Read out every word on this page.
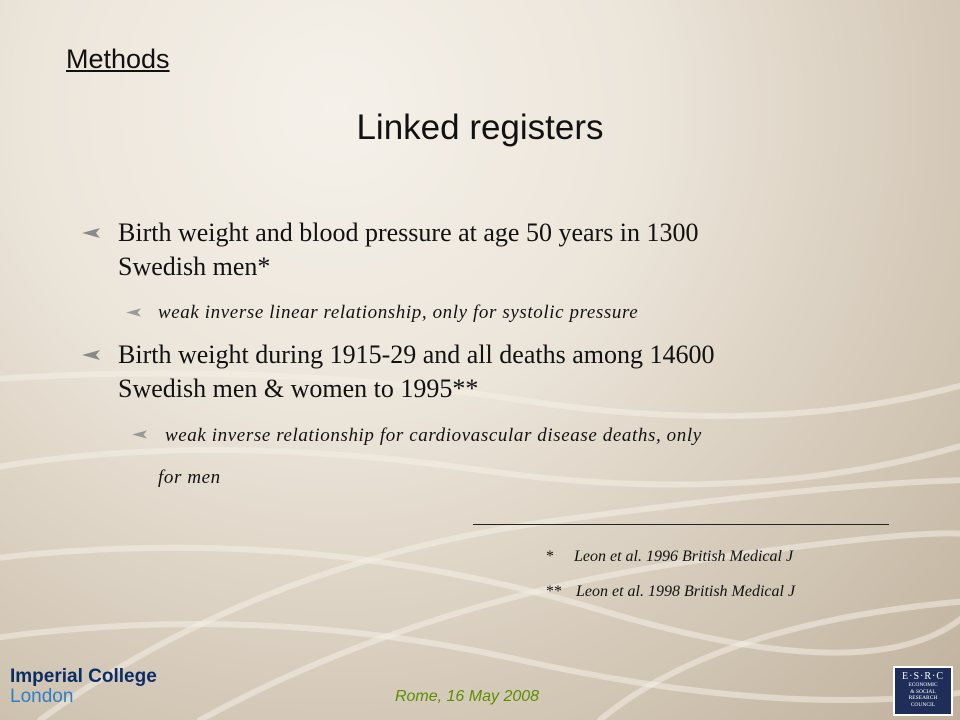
Methods
Linked registers
Birth weight and blood pressure at age 50 years in 1300
Swedish men*
weak inverse linear relationship, only for systolic pressure
Birth weight during 1915-29 and all deaths among 14600
Swedish men & women to 1995**
weak inverse relationship for cardiovascular disease deaths, only
for men
* Leon et al. 1996 British Medical J
** Leon et al. 1998 British Medical J
Imperial College
London	Rome, 16 May 2008
E·S·R·C
ECONOMIC
& SOCIAL
RESEARCH
COUNCIL
